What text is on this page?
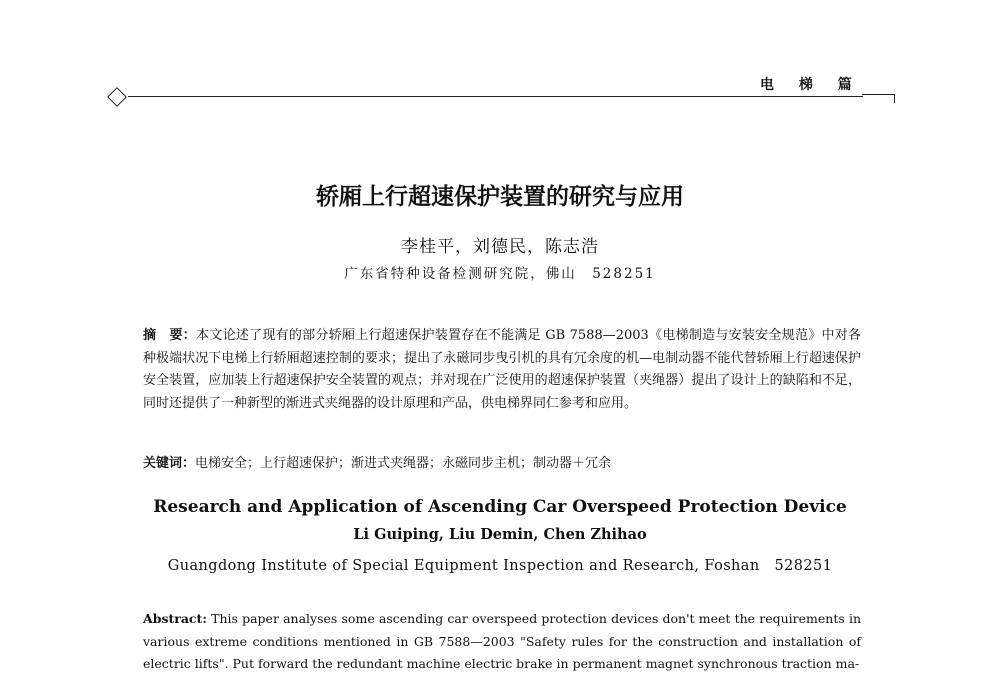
电 梯 篇
轿厢上行超速保护装置的研究与应用
李桂平，刘德民，陈志浩
广东省特种设备检测研究院，佛山　528251
摘　要：本文论述了现有的部分轿厢上行超速保护装置存在不能满足 GB 7588—2003《电梯制造与安装安全规范》中对各种极端状况下电梯上行轿厢超速控制的要求；提出了永磁同步曳引机的具有冗余度的机—电制动器不能代替轿厢上行超速保护安全装置，应加装上行超速保护安全装置的观点；并对现在广泛使用的超速保护装置（夹绳器）提出了设计上的缺陷和不足，同时还提供了一种新型的渐进式夹绳器的设计原理和产品，供电梯界同仁参考和应用。
关键词：电梯安全；上行超速保护；渐进式夹绳器；永磁同步主机；制动器＋冗余
Research and Application of Ascending Car Overspeed Protection Device
Li Guiping, Liu Demin, Chen Zhihao
Guangdong Institute of Special Equipment Inspection and Research, Foshan　528251
Abstract: This paper analyses some ascending car overspeed protection devices don't meet the requirements in various extreme conditions mentioned in GB 7588—2003 "Safety rules for the construction and installation of electric lifts". Put forward the redundant machine electric brake in permanent magnet synchronous traction ma-
